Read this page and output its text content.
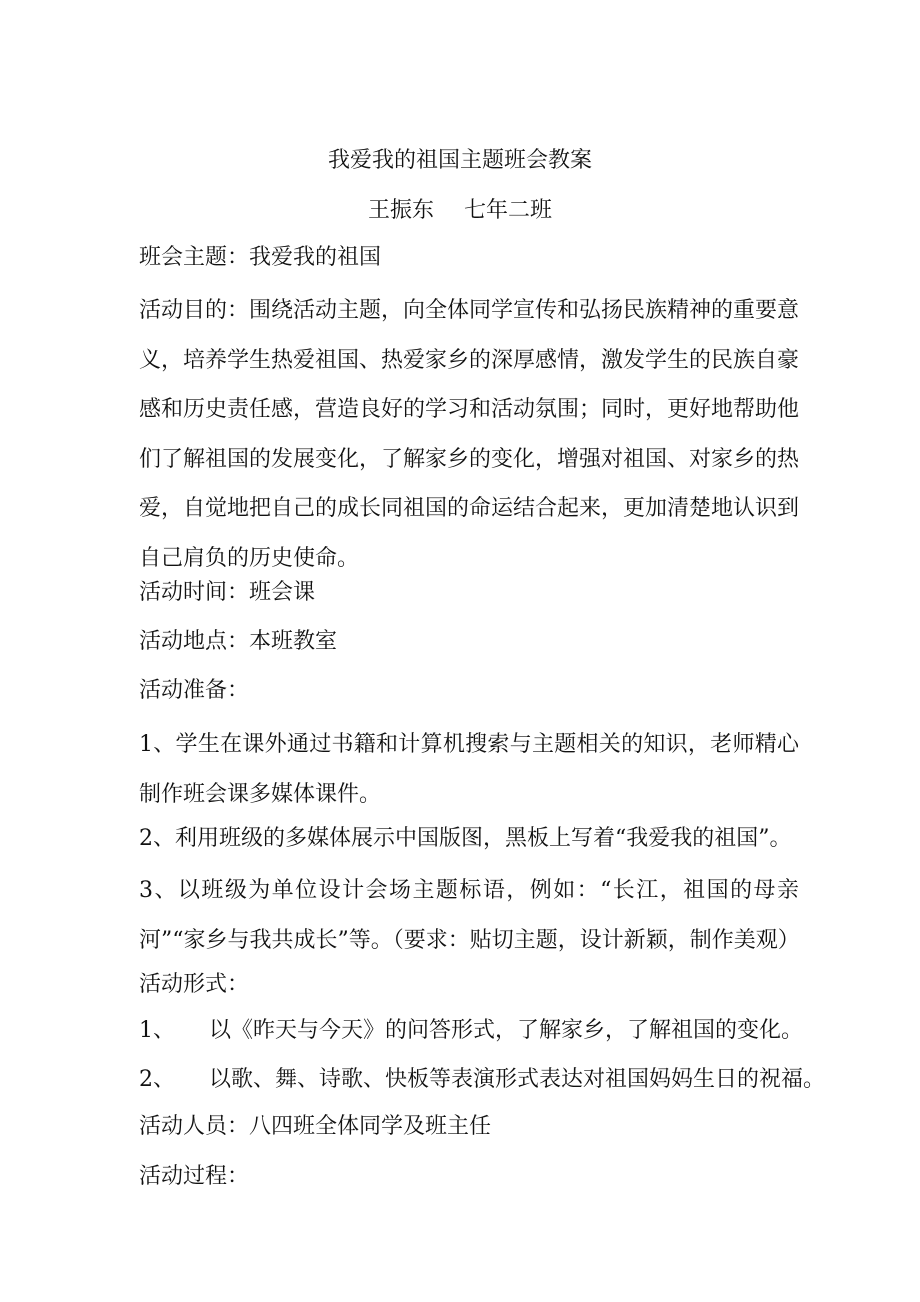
我爱我的祖国主题班会教案
王振东 七年二班
班会主题：我爱我的祖国
活动目的：围绕活动主题，向全体同学宣传和弘扬民族精神的重要意义，培养学生热爱祖国、热爱家乡的深厚感情，激发学生的民族自豪感和历史责任感，营造良好的学习和活动氛围；同时，更好地帮助他们了解祖国的发展变化，了解家乡的变化，增强对祖国、对家乡的热爱，自觉地把自己的成长同祖国的命运结合起来，更加清楚地认识到自己肩负的历史使命。
活动时间：班会课
活动地点：本班教室
活动准备：
1、学生在课外通过书籍和计算机搜索与主题相关的知识，老师精心制作班会课多媒体课件。
2、利用班级的多媒体展示中国版图，黑板上写着“我爱我的祖国”。
3、以班级为单位设计会场主题标语，例如：“长江，祖国的母亲河”“家乡与我共成长”等。（要求：贴切主题，设计新颖，制作美观）
活动形式：
1、 以《昨天与今天》的问答形式，了解家乡，了解祖国的变化。
2、 以歌、舞、诗歌、快板等表演形式表达对祖国妈妈生日的祝福。
活动人员：八四班全体同学及班主任
活动过程：
